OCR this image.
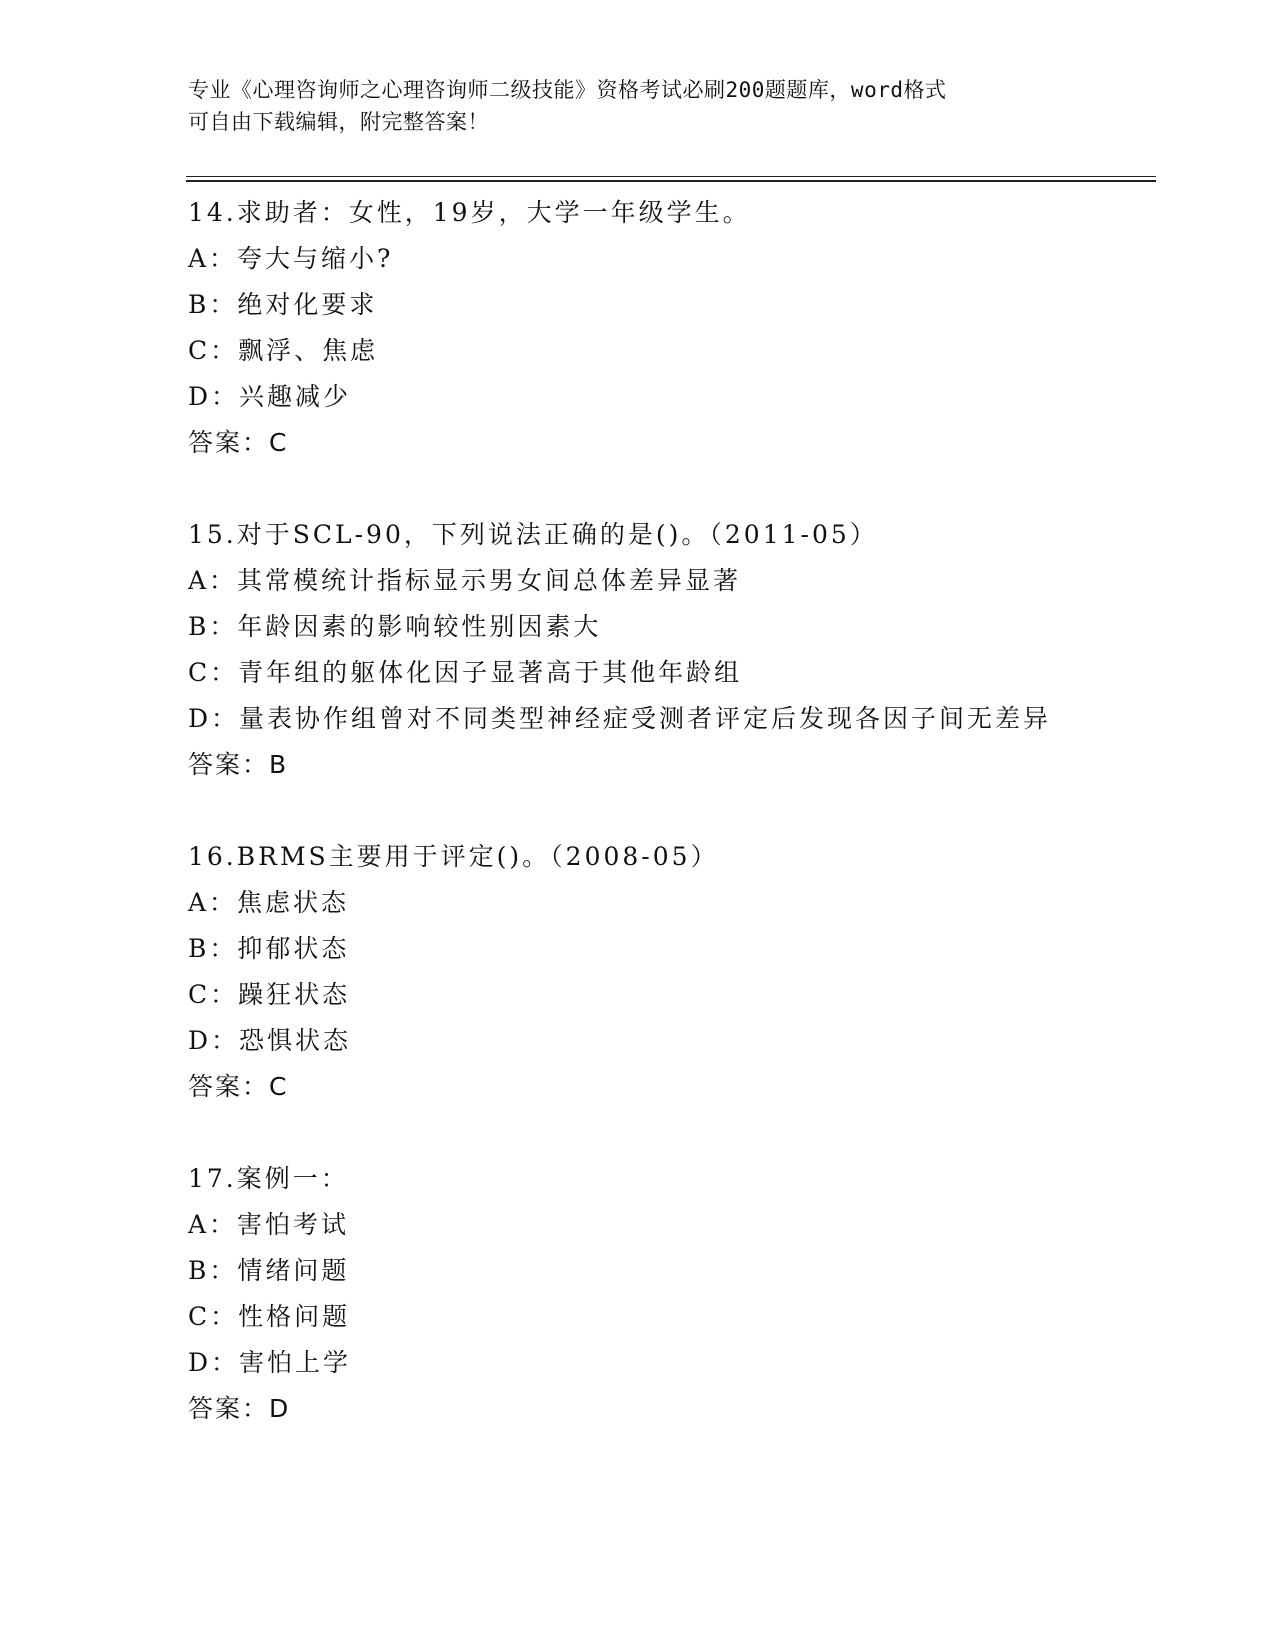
专业《心理咨询师之心理咨询师二级技能》资格考试必刷200题题库，word格式
可自由下载编辑，附完整答案！
14.求助者：女性，19岁，大学一年级学生。
A：夸大与缩小?
B：绝对化要求
C：飘浮、焦虑
D：兴趣减少
答案：C
15.对于SCL-90，下列说法正确的是()。（2011-05）
A：其常模统计指标显示男女间总体差异显著
B：年龄因素的影响较性别因素大
C：青年组的躯体化因子显著高于其他年龄组
D：量表协作组曾对不同类型神经症受测者评定后发现各因子间无差异
答案：B
16.BRMS主要用于评定()。（2008-05）
A：焦虑状态
B：抑郁状态
C：躁狂状态
D：恐惧状态
答案：C
17.案例一：
A：害怕考试
B：情绪问题
C：性格问题
D：害怕上学
答案：D
